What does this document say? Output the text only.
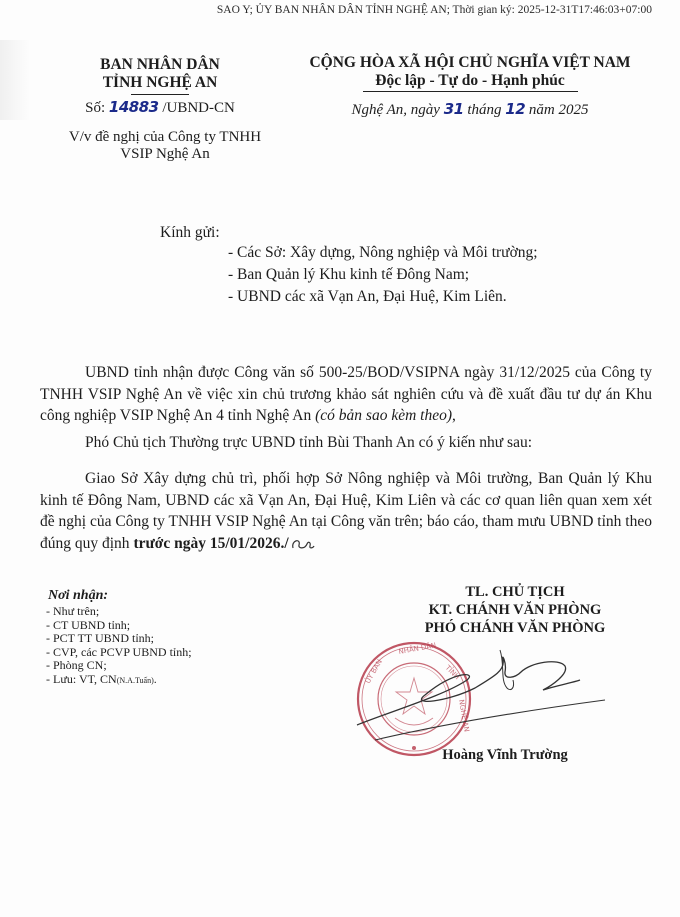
SAO Y; ỦY BAN NHÂN DÂN TỈNH NGHỆ AN; Thời gian ký: 2025-12-31T17:46:03+07:00
BAN NHÂN DÂN
TỈNH NGHỆ AN
Số: 14883 /UBND-CN
V/v đề nghị của Công ty TNHH
VSIP Nghệ An
CỘNG HÒA XÃ HỘI CHỦ NGHĨA VIỆT NAM
Độc lập - Tự do - Hạnh phúc
Nghệ An, ngày 31 tháng 12 năm 2025
Kính gửi:
- Các Sở: Xây dựng, Nông nghiệp và Môi trường;
- Ban Quản lý Khu kinh tế Đông Nam;
- UBND các xã Vạn An, Đại Huệ, Kim Liên.
UBND tỉnh nhận được Công văn số 500-25/BOD/VSIPNA ngày 31/12/2025 của Công ty TNHH VSIP Nghệ An về việc xin chủ trương khảo sát nghiên cứu và đề xuất đầu tư dự án Khu công nghiệp VSIP Nghệ An 4 tỉnh Nghệ An (có bản sao kèm theo),
Phó Chủ tịch Thường trực UBND tỉnh Bùi Thanh An có ý kiến như sau:
Giao Sở Xây dựng chủ trì, phối hợp Sở Nông nghiệp và Môi trường, Ban Quản lý Khu kinh tế Đông Nam, UBND các xã Vạn An, Đại Huệ, Kim Liên và các cơ quan liên quan xem xét đề nghị của Công ty TNHH VSIP Nghệ An tại Công văn trên; báo cáo, tham mưu UBND tỉnh theo đúng quy định trước ngày 15/01/2026./
Nơi nhận:
- Như trên;
- CT UBND tỉnh;
- PCT TT UBND tỉnh;
- CVP, các PCVP UBND tỉnh;
- Phòng CN;
- Lưu: VT, CN(N.A.Tuấn).	ỦY BAN
NHÂN DÂN
TỈNH
NGHỆ AN
TL. CHỦ TỊCH
KT. CHÁNH VĂN PHÒNG
PHÓ CHÁNH VĂN PHÒNG
Hoàng Vĩnh Trường
